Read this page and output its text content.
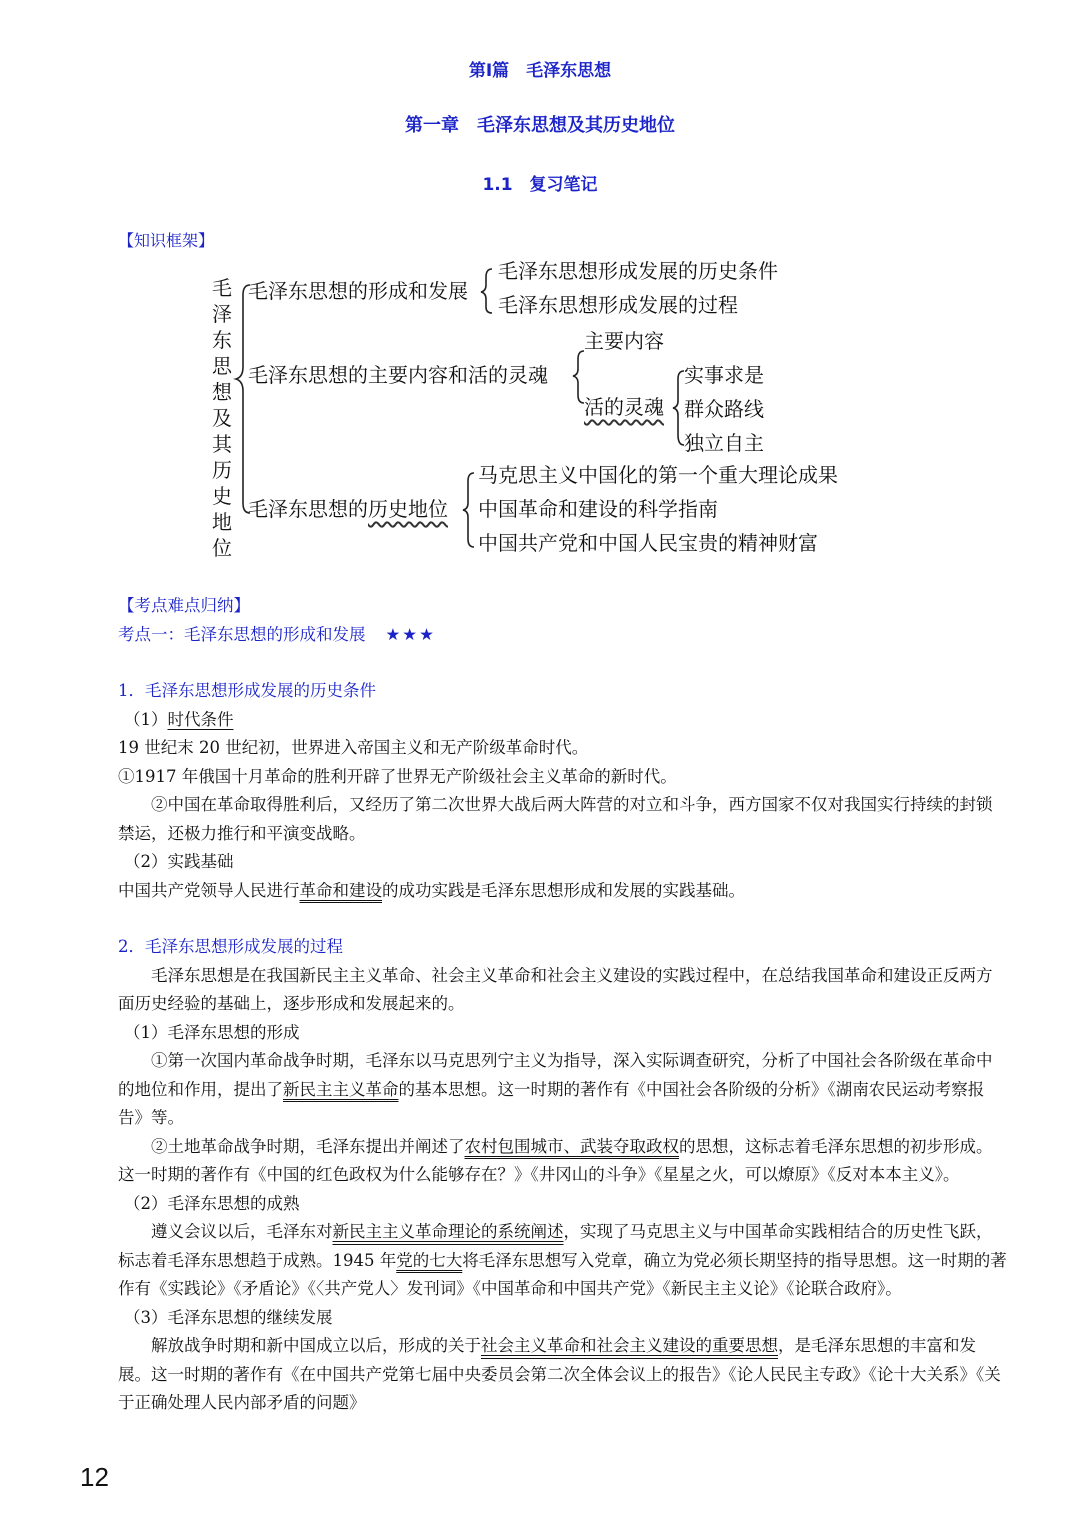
第Ⅰ篇　毛泽东思想
第一章　毛泽东思想及其历史地位
1.1　复习笔记
【知识框架】
毛泽东思想及其历史地位
毛泽东思想的形成和发展
毛泽东思想形成发展的历史条件
毛泽东思想形成发展的过程
毛泽东思想的主要内容和活的灵魂
主要内容
活的灵魂
实事求是
群众路线
独立自主
毛泽东思想的历史地位
马克思主义中国化的第一个重大理论成果
中国革命和建设的科学指南
中国共产党和中国人民宝贵的精神财富

【考点难点归纳】

考点一：毛泽东思想的形成和发展 ★★★

1．毛泽东思想形成发展的历史条件

（1）时代条件

19 世纪末 20 世纪初，世界进入帝国主义和无产阶级革命时代。

①1917 年俄国十月革命的胜利开辟了世界无产阶级社会主义革命的新时代。

②中国在革命取得胜利后，又经历了第二次世界大战后两大阵营的对立和斗争，西方国家不仅对我国实行持续的封锁禁运，还极力推行和平演变战略。

（2）实践基础

中国共产党领导人民进行革命和建设的成功实践是毛泽东思想形成和发展的实践基础。

2．毛泽东思想形成发展的过程

毛泽东思想是在我国新民主主义革命、社会主义革命和社会主义建设的实践过程中，在总结我国革命和建设正反两方面历史经验的基础上，逐步形成和发展起来的。

（1）毛泽东思想的形成

①第一次国内革命战争时期，毛泽东以马克思列宁主义为指导，深入实际调查研究，分析了中国社会各阶级在革命中的地位和作用，提出了新民主主义革命的基本思想。这一时期的著作有《中国社会各阶级的分析》《湖南农民运动考察报告》等。

②土地革命战争时期，毛泽东提出并阐述了农村包围城市、武装夺取政权的思想，这标志着毛泽东思想的初步形成。这一时期的著作有《中国的红色政权为什么能够存在？》《井冈山的斗争》《星星之火，可以燎原》《反对本本主义》。

（2）毛泽东思想的成熟

遵义会议以后，毛泽东对新民主主义革命理论的系统阐述，实现了马克思主义与中国革命实践相结合的历史性飞跃，标志着毛泽东思想趋于成熟。1945 年党的七大将毛泽东思想写入党章，确立为党必须长期坚持的指导思想。这一时期的著作有《实践论》《矛盾论》《〈共产党人〉发刊词》《中国革命和中国共产党》《新民主主义论》《论联合政府》。

（3）毛泽东思想的继续发展

解放战争时期和新中国成立以后，形成的关于社会主义革命和社会主义建设的重要思想，是毛泽东思想的丰富和发展。这一时期的著作有《在中国共产党第七届中央委员会第二次全体会议上的报告》《论人民民主专政》《论十大关系》《关于正确处理人民内部矛盾的问题》

12
